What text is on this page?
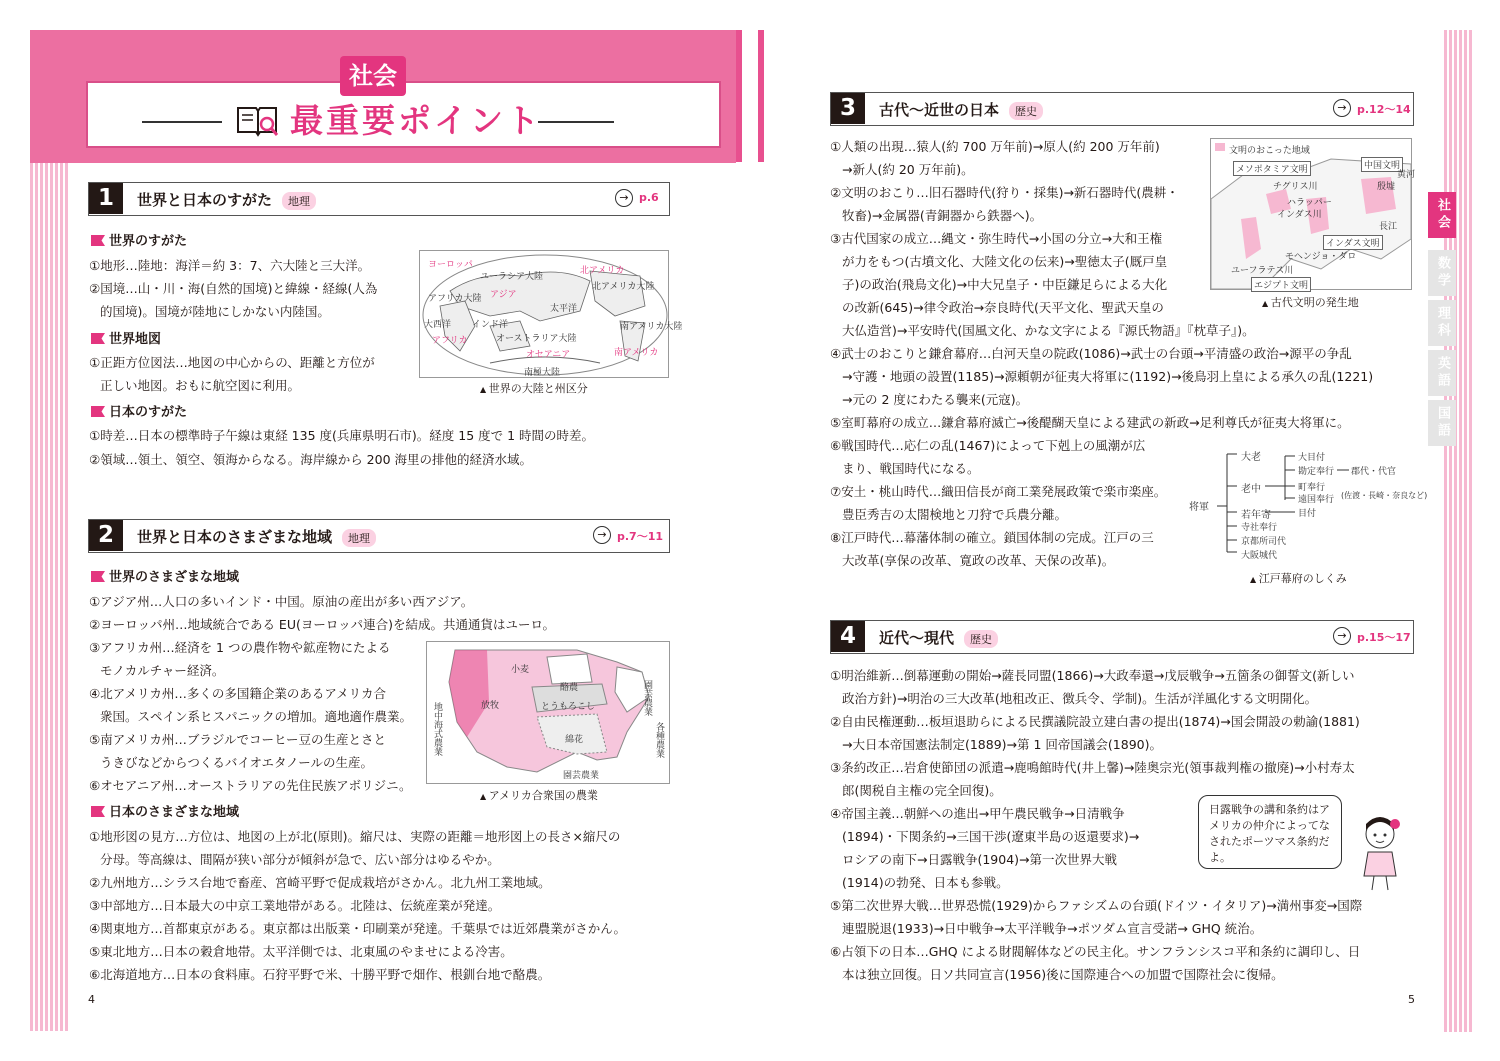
社会
最重要ポイント
1	世界と日本のすがた 地理	→ p.6
世界のすがた
①地形…陸地：海洋＝約 3：7、六大陸と三大洋。
②国境…山・川・海(自然的国境)と緯線・経線(人為
的国境)。国境が陸地にしかない内陸国。
世界地図
①正距方位図法…地図の中心からの、距離と方位が
正しい地図。おもに航空図に利用。
日本のすがた
①時差…日本の標準時子午線は東経 135 度(兵庫県明石市)。経度 15 度で 1 時間の時差。
②領域…領土、領空、領海からなる。海岸線から 200 海里の排他的経済水域。
ヨーロッパ
ユーラシア大陸
北アメリカ
北アメリカ大陸
アフリカ大陸 アジア
太平洋
大西洋 インド洋
アフリカ	オーストラリア大陸
オセアニア
南アメリカ大陸
南アメリカ
南極大陸
▲ 世界の大陸と州区分
2	世界と日本のさまざまな地域 地理	→ p.7〜11
世界のさまざまな地域
①アジア州…人口の多いインド・中国。原油の産出が多い西アジア。
②ヨーロッパ州…地域統合である EU(ヨーロッパ連合)を結成。共通通貨はユーロ。
③アフリカ州…経済を 1 つの農作物や鉱産物にたよる
モノカルチャー経済。
④北アメリカ州…多くの多国籍企業のあるアメリカ合
衆国。スペイン系ヒスパニックの増加。適地適作農業。
⑤南アメリカ州…ブラジルでコーヒー豆の生産とさと
うきびなどからつくるバイオエタノールの生産。
⑥オセアニア州…オーストラリアの先住民族アボリジニ。
日本のさまざまな地域
①地形図の見方…方位は、地図の上が北(原則)。縮尺は、実際の距離＝地形図上の長さ×縮尺の
分母。等高線は、間隔が狭い部分が傾斜が急で、広い部分はゆるやか。
②九州地方…シラス台地で畜産、宮崎平野で促成栽培がさかん。北九州工業地域。
③中部地方…日本最大の中京工業地帯がある。北陸は、伝統産業が発達。
④関東地方…首都東京がある。東京都は出版業・印刷業が発達。千葉県では近郊農業がさかん。
⑤東北地方…日本の穀倉地帯。太平洋側では、北東風のやませによる冷害。
⑥北海道地方…日本の食料庫。石狩平野で米、十勝平野で畑作、根釧台地で酪農。
酪農
放牧	とうもろこし
綿花
園芸農業
地中海式農業
園芸農業
各種農業
小麦
▲ アメリカ合衆国の農業
4
3	古代〜近世の日本 歴史	→ p.12〜14
①人類の出現…猿人(約 700 万年前)→原人(約 200 万年前)
→新人(約 20 万年前)。
②文明のおこり…旧石器時代(狩り・採集)→新石器時代(農耕・
牧畜)→金属器(青銅器から鉄器へ)。
③古代国家の成立…縄文・弥生時代→小国の分立→大和王権
が力をもつ(古墳文化、大陸文化の伝来)→聖徳太子(厩戸皇
子)の政治(飛鳥文化)→中大兄皇子・中臣鎌足らによる大化
の改新(645)→律令政治→奈良時代(天平文化、聖武天皇の
大仏造営)→平安時代(国風文化、かな文字による『源氏物語』『枕草子』)。
④武士のおこりと鎌倉幕府…白河天皇の院政(1086)→武士の台頭→平清盛の政治→源平の争乱
→守護・地頭の設置(1185)→源頼朝が征夷大将軍に(1192)→後鳥羽上皇による承久の乱(1221)
→元の 2 度にわたる襲来(元寇)。
⑤室町幕府の成立…鎌倉幕府滅亡→後醍醐天皇による建武の新政→足利尊氏が征夷大将軍に。
⑥戦国時代…応仁の乱(1467)によって下剋上の風潮が広
まり、戦国時代になる。
⑦安土・桃山時代…織田信長が商工業発展政策で楽市楽座。
豊臣秀吉の太閤検地と刀狩で兵農分離。
⑧江戸時代…幕藩体制の確立。鎖国体制の完成。江戸の三
大改革(享保の改革、寛政の改革、天保の改革)。
文明のおこった地域
メソポタミア文明	中国文明
チグリス川
黄河
殷墟
ハラッパー
インダス川
長江
インダス文明
モヘンジョ・ダロ
ユーフラテス川
エジプト文明
▲ 古代文明の発生地
将軍
大老
老中
大目付
勘定奉行
町奉行
遠国奉行
郡代・代官
(佐渡・長崎・奈良など)
若年寄	目付
寺社奉行
京都所司代
大阪城代
▲ 江戸幕府のしくみ
4	近代〜現代 歴史	→ p.15〜17
①明治維新…倒幕運動の開始→薩長同盟(1866)→大政奉還→戊辰戦争→五箇条の御誓文(新しい
政治方針)→明治の三大改革(地租改正、徴兵令、学制)。生活が洋風化する文明開化。
②自由民権運動…板垣退助らによる民撰議院設立建白書の提出(1874)→国会開設の勅諭(1881)
→大日本帝国憲法制定(1889)→第 1 回帝国議会(1890)。
③条約改正…岩倉使節団の派遣→鹿鳴館時代(井上馨)→陸奥宗光(領事裁判権の撤廃)→小村寿太
郎(関税自主権の完全回復)。
④帝国主義…朝鮮への進出→甲午農民戦争→日清戦争
(1894)・下関条約→三国干渉(遼東半島の返還要求)→
ロシアの南下→日露戦争(1904)→第一次世界大戦
(1914)の勃発、日本も参戦。
⑤第二次世界大戦…世界恐慌(1929)からファシズムの台頭(ドイツ・イタリア)→満州事変→国際
連盟脱退(1933)→日中戦争→太平洋戦争→ポツダム宣言受諾→ GHQ 統治。
⑥占領下の日本…GHQ による財閥解体などの民主化。サンフランシスコ平和条約に調印し、日
本は独立回復。日ソ共同宣言(1956)後に国際連合への加盟で国際社会に復帰。
日露戦争の講和条約はアメリカの仲介によってなされたポーツマス条約だよ。
5
社会
数学
理科
英語
国語
